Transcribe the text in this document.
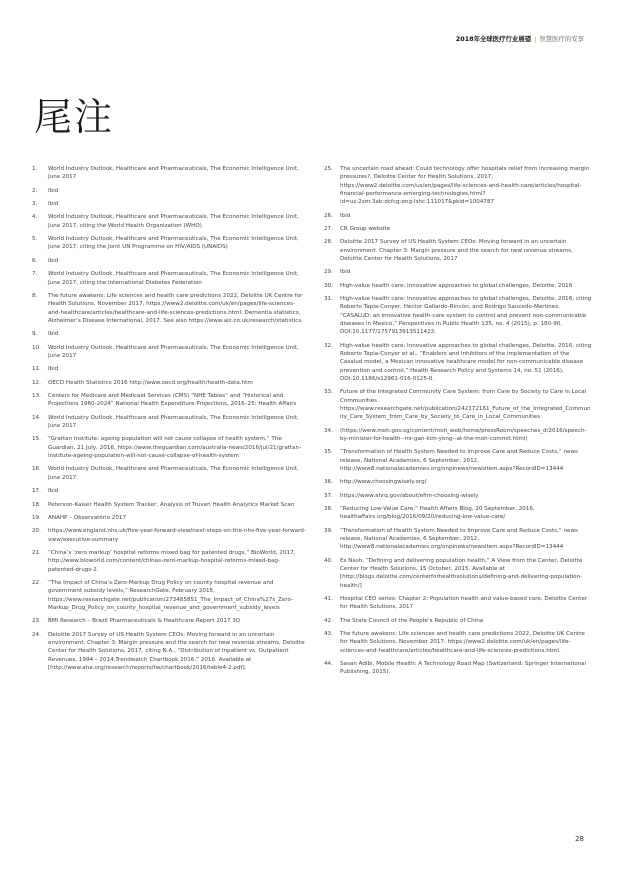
2018年全球医疗行业展望 | 智慧医疗的安享
尾注
1.	World Industry Outlook, Healthcare and Pharmaceuticals, The Economic Intelligence Unit, June 2017
2.	Ibid
3.	Ibid
4.	World Industry Outlook, Healthcare and Pharmaceuticals, The Economic Intelligence Unit, June 2017, citing the World Health Organization (WHO)
5.	World Industry Outlook, Healthcare and Pharmaceuticals, The Economic Intelligence Unit, June 2017, citing the Joint UN Programme on HIV/AIDS (UNAIDS)
6.	Ibid
7.	World Industry Outlook, Healthcare and Pharmaceuticals, The Economic Intelligence Unit, June 2017, citing the International Diabetes Federation
8.	The future awakens: Life sciences and health care predictions 2022, Deloitte UK Centre for Health Solutions, November 2017, https://www2.deloitte.com/uk/en/pages/life-sciences-and-healthcare/articles/healthcare-and-life-sciences-predictions.html. Dementia statistics, Alzheimer’s Disease International, 2017. See also https://www.alz.co.uk/research/statistics.
9.	Ibid
10.	World Industry Outlook, Healthcare and Pharmaceuticals, The Economic Intelligence Unit, June 2017
11.	Ibid
12.	OECD Health Statistics 2016 http://www.oecd.org/health/health-data.htm
13.	Centers for Medicare and Medicaid Services (CMS) “NHE Tables” and “Historical and Projections 1960-2024” National Health Expenditure Projections, 2016–25: Health Affairs
14.	World Industry Outlook, Healthcare and Pharmaceuticals, The Economic Intelligence Unit, June 2017
15.	“Grattan Institute: ageing population will not cause collapse of health system,” The Guardian, 21 July, 2016, https://www.theguardian.com/australia-news/2016/jul/21/grattan-institute-ageing-population-will-not-cause-collapse-of-health-system
16.	World Industry Outlook, Healthcare and Pharmaceuticals, The Economic Intelligence Unit, June 2017
17.	Ibid
18.	Peterson-Kaiser Health System Tracker, Analysis of Truven Health Analytics Market Scan
19.	ANAHP – Observatório 2017
20.	https://www.england.nhs.uk/five-year-forward-view/next-steps-on-the-nhs-five-year-forward-view/executive-summary
21.	“China’s ‘zero markup’ hospital reforms mixed bag for patented drugs,” BioWorld, 2017, http://www.bioworld.com/content/chinas-zero-markup-hospital-reforms-mixed-bag-patented-drugs-2.
22.	“The Impact of China’s Zero-Markup Drug Policy on county hospital revenue and government subsidy levels,” ResearchGate, February 2015, https://www.researchgate.net/publication/273485851_The_Impact_of_China%27s_Zero-Markup_Drug_Policy_on_county_hospital_revenue_and_government_subsidy_levels
23.	BMI Research – Brazil Pharmaceuticals & Healthcare Report 2017 3Q
24.	Deloitte 2017 Survey of US Health System CEOs: Moving forward in an uncertain environment. Chapter 3: Margin pressure and the search for new revenue streams, Deloitte Center for Health Solutions, 2017, citing N.A., “Distribution of Inpatient vs. Outpatient Revenues, 1994 – 2014,Trendwatch Chartbook 2016.” 2016. Available at [http://www.aha.org/research/reports/tw/chartbook/2016/table4-2.pdf].
25.	The uncertain road ahead: Could technology offer hospitals relief from increasing margin pressures?, Deloitte Center for Health Solutions, 2017, https://www2.deloitte.com/us/en/pages/life-sciences-and-health-care/articles/hospital-financial-performance-emerging-technologies.html?id=us:2sm:3ab:dcfcg:eng:lshc:111017&pkid=1004787
26.	Ibid
27.	CR Group website
28.	Deloitte 2017 Survey of US Health System CEOs: Moving forward in an uncertain environment. Chapter 3: Margin pressure and the search for new revenue streams, Deloitte Center for Health Solutions, 2017
29.	Ibid
30.	High-value health care: Innovative approaches to global challenges, Deloitte, 2016
31.	High-value health care: Innovative approaches to global challenges, Deloitte, 2016, citing Roberto Tapia-Conyer, Héctor Gallardo-Rincón, and Rodrigo Saucedo-Martinez, “CASALUD: an innovative health-care system to control and prevent non-communicable diseases in Mexico,” Perspectives in Public Health 135, no. 4 (2015), p. 180-90, DOI:10.1177/1757913913511423.
32.	High-value health care: Innovative approaches to global challenges, Deloitte, 2016, citing Roberto Tapia-Conyer et al., “Enablers and inhibitors of the implementation of the Casalud model, a Mexican innovative healthcare model for non-communicable disease prevention and control,” Health Research Policy and Systems 14, no. 51 (2016), DOI:10.1186/s12961-016-0125-0.
33.	Future of the Integrated Community Care System: from Care by Society to Care in Local Communities. https://www.researchgate.net/publication/242172161_Future_of_the_Integrated_Community_Care_System_from_Care_by_Society_to_Care_in_Local_Communities
34.	(https://www.moh.gov.sg/content/moh_web/home/pressRoom/speeches_d/2016/speech-by-minister-for-health--mr-gan-kim-yong--at-the-moh-commit.html)
35.	“Transformation of Health System Needed to Improve Care and Reduce Costs,” news release, National Academies, 6 September, 2012, http://www8.nationalacademies.org/onpinews/newsitem.aspx?RecordID=13444
36.	http://www.choosingwisely.org/
37.	https://www.ahrq.gov/about/efim-choosing-wisely
38.	“Reducing Low-Value Care,” Health Affairs Blog, 20 September, 2016, healthaffairs.org/blog/2016/09/20/reducing-low-value-care/
39.	“Transformation of Health System Needed to Improve Care and Reduce Costs,” news release, National Academies, 6 September, 2012, http://www8.nationalacademies.org/onpinews/newsitem.aspx?RecordID=13444
40.	Es Nash, “Defining and delivering population health,” A View from the Center, Deloitte Center for Health Solutions, 15 October, 2015. Available at [http://blogs.deloitte.com/centerforhealthsolutions/defining-and-delivering-population-health/]
41.	Hospital CEO series: Chapter 2: Population health and value-based care, Deloitte Center for Health Solutions, 2017
42.	The State Council of the People’s Republic of China
43.	The future awakens: Life sciences and health care predictions 2022, Deloitte UK Centre for Health Solutions, November 2017, https://www2.deloitte.com/uk/en/pages/life-sciences-and-healthcare/articles/healthcare-and-life-sciences-predictions.html.
44.	Sasan Adibi, Mobile Health: A Technology Road Map (Switzerland: Springer International Publishing, 2015).
28
